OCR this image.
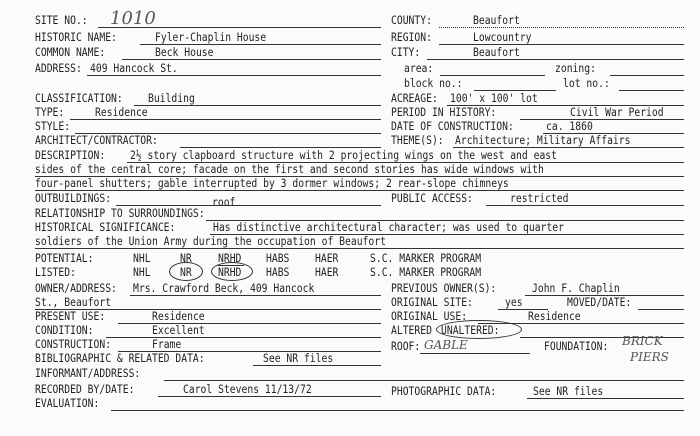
SITE NO.: 1010
HISTORIC NAME:	Fyler-Chaplin House
COMMON NAME:	Beck House
ADDRESS: 409 Hancock St.
COUNTY:	Beaufort
REGION:	Lowcountry
CITY:	Beaufort
area:	zoning:
block no.:	lot no.:
CLASSIFICATION: Building
TYPE:	Residence
STYLE:
ARCHITECT/CONTRACTOR:
ACREAGE: 100' x 100' lot
PERIOD IN HISTORY:	Civil War Period
DATE OF CONSTRUCTION:	ca. 1860
THEME(S): Architecture; Military Affairs
DESCRIPTION: 2½ story clapboard structure with 2 projecting wings on the west and east
sides of the central core; facade on the first and second stories has wide windows with
four-panel shutters; gable interrupted by 3 dormer windows; 2 rear-slope chimneys
OUTBUILDINGS:	roof	PUBLIC ACCESS:	restricted
RELATIONSHIP TO SURROUNDINGS:
HISTORICAL SIGNIFICANCE:	Has distinctive architectural character; was used to quarter
soldiers of the Union Army during the occupation of Beaufort
POTENTIAL:	NHL	NR NRHD HABS HAER	S.C. MARKER PROGRAM
LISTED:	NHL	NR NRHD HABS HAER	S.C. MARKER PROGRAM
OWNER/ADDRESS: Mrs. Crawford Beck, 409 Hancock
St., Beaufort
PREVIOUS OWNER(S):	John F. Chaplin
ORIGINAL SITE:	yes	MOVED/DATE:
PRESENT USE:	Residence	ORIGINAL USE:	Residence
CONDITION:	Excellent	ALTERED UNALTERED:
CONSTRUCTION:	Frame	ROOF: GABLE	FOUNDATION: BRICK
PIERS
BIBLIOGRAPHIC & RELATED DATA:	See NR files
INFORMANT/ADDRESS:
RECORDED BY/DATE:	Carol Stevens 11/13/72	PHOTOGRAPHIC DATA:	See NR files
EVALUATION:
